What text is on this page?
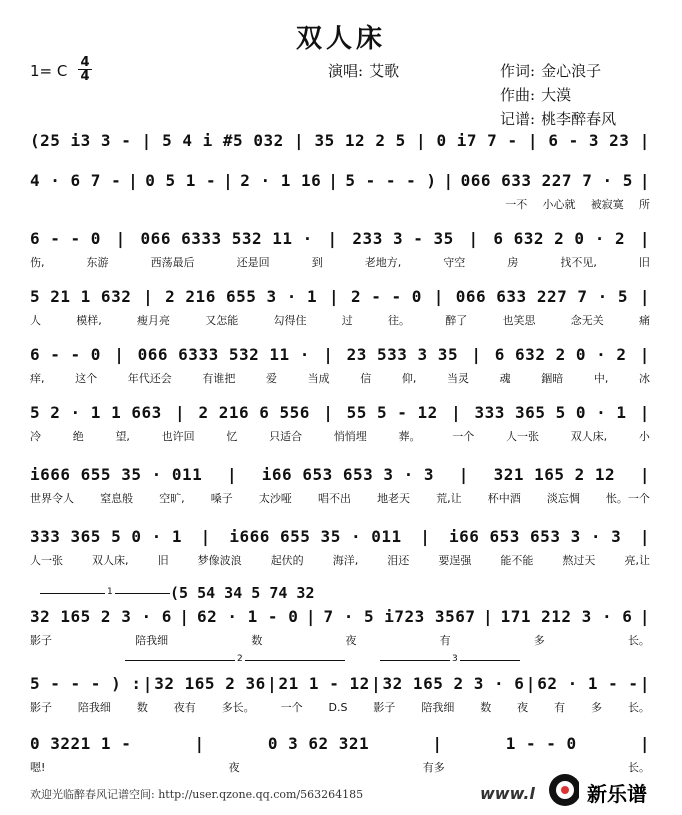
双人床
1= C 4
4	演唱: 艾歌	作词: 金心浪子
作曲: 大漠
记谱: 桃李醉春风
(25 i3 3 - | 5 4 i #5 032 | 35 12 2 5 | 0 i7 7 - | 6 - 3 23 |
4 · 6 7 - | 0 5 1 - | 2 · 1 16 | 5 - - - ) | 066 633 227 7 · 5 |
一不 小心就 被寂寞 所
6 - - 0 | 066 6333 532 11 · | 233 3 - 35 | 6 632 2 0 · 2 |
伤,	东游	西荡最后	还是回	到	老地方,	守空	房	找不见,	旧
5 21 1 632 | 2 216 655 3 · 1 | 2 - - 0 | 066 633 227 7 · 5 |
人	模样,	瘦月亮	又怎能	勾得住	过	往。	醉了	也笑思	念无关	痛
6 - - 0 | 066 6333 532 11 · | 23 533 3 35 | 6 632 2 0 · 2 |
痒,	这个	年代还会	有谁把	爱	当成	信	仰,	当灵	魂	錮暗	中,	冰
5 2 · 1 1 663 | 2 216 6 556 | 55 5 - 12 | 333 365 5 0 · 1 |
冷	绝	望,	也许回	忆	只适合	悄悄埋	葬。	一个	人一张	双人床,	小
i666 655 35 · 011 | i66 653 653 3 · 3 | 321 165 2 12 |
世界令人 窒息般 空旷, 嗓子 太沙哑 唱不出 地老天 荒,让 杯中酒 淡忘惆 怅。一个
333 365 5 0 · 1 | i666 655 35 · 011 | i66 653 653 3 · 3 |
人一张	双人床,	旧	梦像波浪	起伏的	海洋,	泪还	要逞强	能不能	熬过天	亮,让
32 165 2 3 · 6 | 62 · 1 - 0 | 7 · 5 i723 3567 | 171 212 3 · 6 |
(5 54 34 5 74 32
影子	陪我细	数	夜	有	多	长。
5 - - - ) : | 32 165 2 36 | 21 1 - 12 | 32 165 2 3 · 6 | 62 · 1 - - |
影子 陪我细 数 夜有 多长。 一个 D.S 影子 陪我细 数 夜 有 多 长。
0 3221 1 -	|	0 3 62 321	|	1 - - 0	|
嗯!	夜	有多	长。
1
2	3
欢迎光临醉春风记谱空间: http://user.qzone.qq.com/563264185	www.l	新乐谱
